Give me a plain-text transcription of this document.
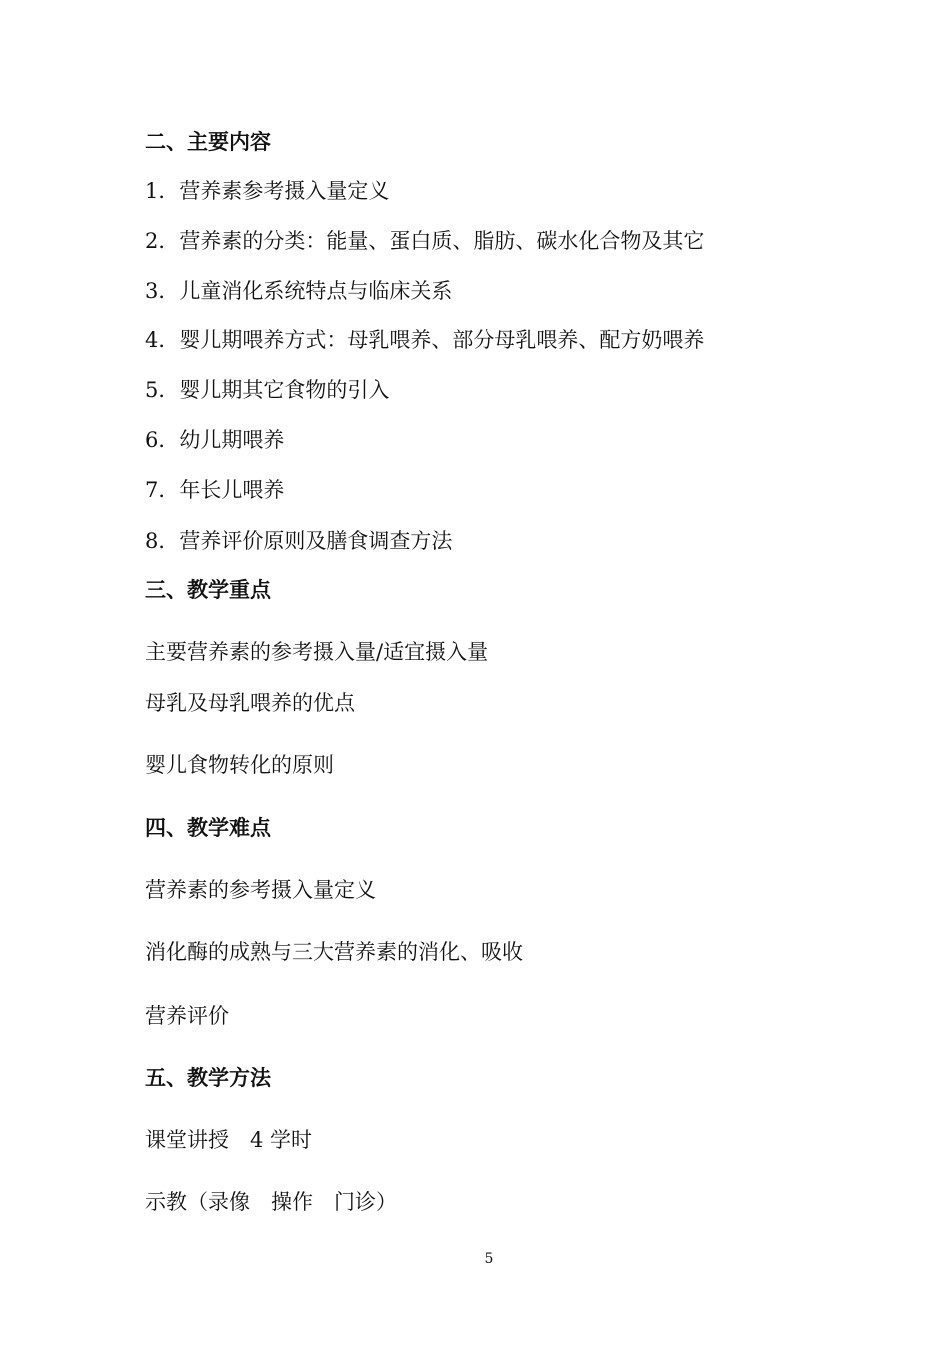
二、主要内容
1．营养素参考摄入量定义
2．营养素的分类：能量、蛋白质、脂肪、碳水化合物及其它
3．儿童消化系统特点与临床关系
4．婴儿期喂养方式：母乳喂养、部分母乳喂养、配方奶喂养
5．婴儿期其它食物的引入
6．幼儿期喂养
7．年长儿喂养
8．营养评价原则及膳食调查方法
三、教学重点
主要营养素的参考摄入量/适宜摄入量
母乳及母乳喂养的优点
婴儿食物转化的原则
四、教学难点
营养素的参考摄入量定义
消化酶的成熟与三大营养素的消化、吸收
营养评价
五、教学方法
课堂讲授　4 学时
示教（录像　操作　门诊）
5
